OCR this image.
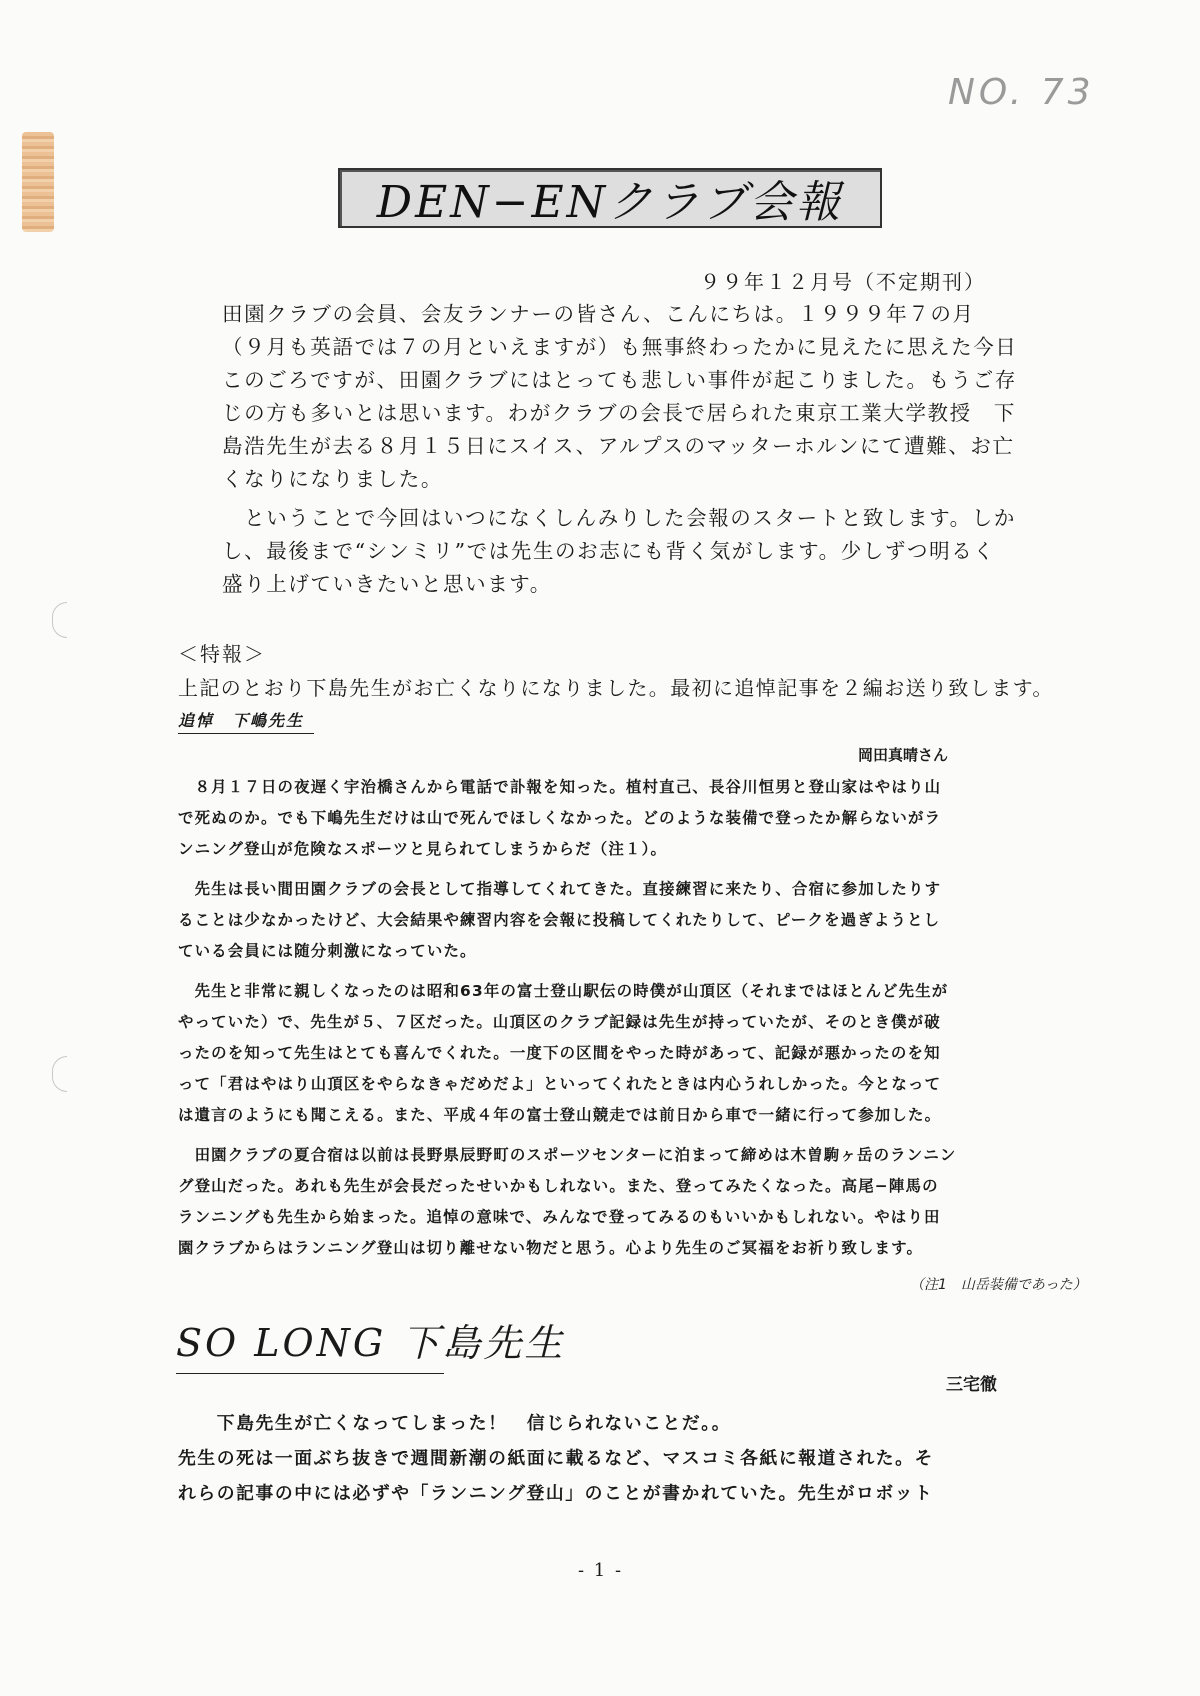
NO. 73
DEN−ENクラブ会報
９９年１２月号（不定期刊）
田園クラブの会員、会友ランナーの皆さん、こんにちは。１９９９年７の月
（９月も英語では７の月といえますが）も無事終わったかに見えたに思えた今日
このごろですが、田園クラブにはとっても悲しい事件が起こりました。もうご存
じの方も多いとは思います。わがクラブの会長で居られた東京工業大学教授　下
島浩先生が去る８月１５日にスイス、アルプスのマッターホルンにて遭難、お亡
くなりになりました。
　ということで今回はいつになくしんみりした会報のスタートと致します。しか
し、最後まで“シンミリ”では先生のお志にも背く気がします。少しずつ明るく
盛り上げていきたいと思います。
＜特報＞
上記のとおり下島先生がお亡くなりになりました。最初に追悼記事を２編お送り致します。
追悼　下嶋先生
岡田真晴さん
　８月１７日の夜遅く宇治橋さんから電話で訃報を知った。植村直己、長谷川恒男と登山家はやはり山
で死ぬのか。でも下嶋先生だけは山で死んでほしくなかった。どのような装備で登ったか解らないがラ
ンニング登山が危険なスポーツと見られてしまうからだ（注１）。
　先生は長い間田園クラブの会長として指導してくれてきた。直接練習に来たり、合宿に参加したりす
ることは少なかったけど、大会結果や練習内容を会報に投稿してくれたりして、ピークを過ぎようとし
ている会員には随分刺激になっていた。
　先生と非常に親しくなったのは昭和63年の富士登山駅伝の時僕が山頂区（それまではほとんど先生が
やっていた）で、先生が５、７区だった。山頂区のクラブ記録は先生が持っていたが、そのとき僕が破
ったのを知って先生はとても喜んでくれた。一度下の区間をやった時があって、記録が悪かったのを知
って「君はやはり山頂区をやらなきゃだめだよ」といってくれたときは内心うれしかった。今となって
は遺言のようにも聞こえる。また、平成４年の富士登山競走では前日から車で一緒に行って参加した。
　田園クラブの夏合宿は以前は長野県辰野町のスポーツセンターに泊まって締めは木曽駒ヶ岳のランニン
グ登山だった。あれも先生が会長だったせいかもしれない。また、登ってみたくなった。高尾−陣馬の
ランニングも先生から始まった。追悼の意味で、みんなで登ってみるのもいいかもしれない。やはり田
園クラブからはランニング登山は切り離せない物だと思う。心より先生のご冥福をお祈り致します。
（注1　山岳装備であった）
SO LONG 下島先生
三宅徹
　　下島先生が亡くなってしまった！　信じられないことだ。。
先生の死は一面ぶち抜きで週間新潮の紙面に載るなど、マスコミ各紙に報道された。そ
れらの記事の中には必ずや「ランニング登山」のことが書かれていた。先生がロボット
- 1 -
